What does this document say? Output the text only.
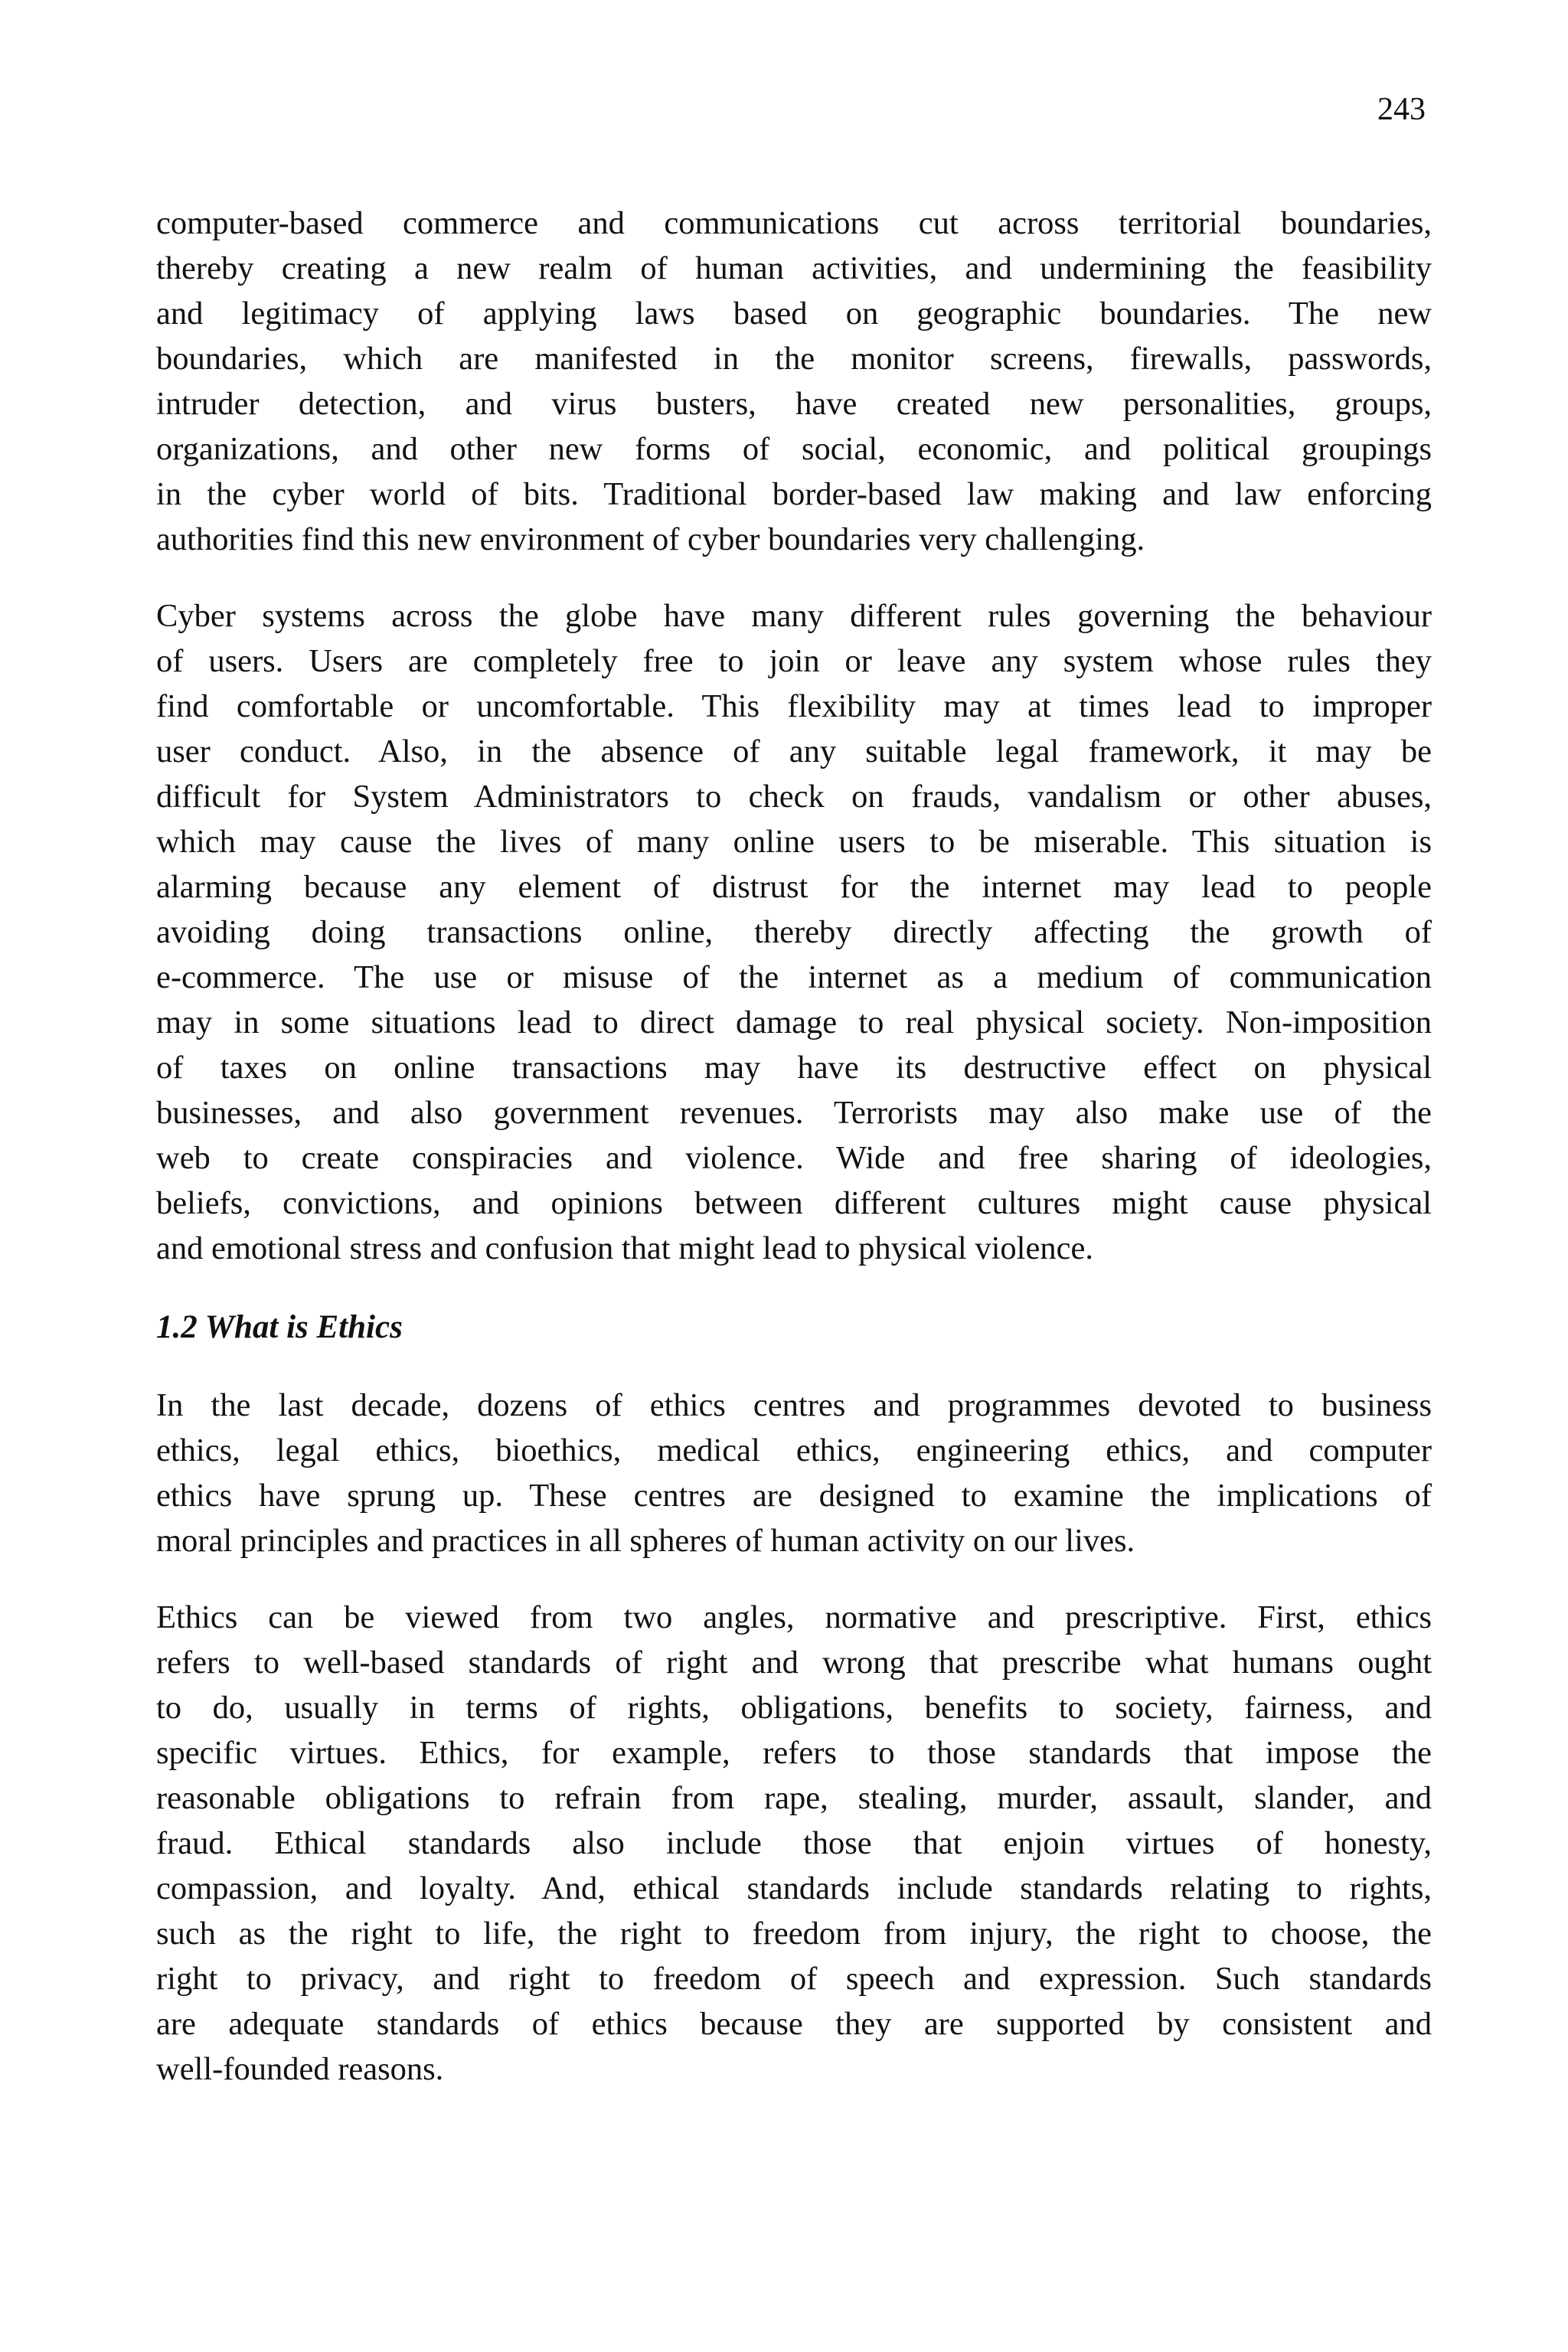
243
computer-based commerce and communications cut across territorial boundaries,
thereby creating a new realm of human activities, and undermining the feasibility
and legitimacy of applying laws based on geographic boundaries. The new
boundaries, which are manifested in the monitor screens, firewalls, passwords,
intruder detection, and virus busters, have created new personalities, groups,
organizations, and other new forms of social, economic, and political groupings
in the cyber world of bits. Traditional border-based law making and law enforcing
authorities find this new environment of cyber boundaries very challenging.
Cyber systems across the globe have many different rules governing the behaviour
of users. Users are completely free to join or leave any system whose rules they
find comfortable or uncomfortable. This flexibility may at times lead to improper
user conduct. Also, in the absence of any suitable legal framework, it may be
difficult for System Administrators to check on frauds, vandalism or other abuses,
which may cause the lives of many online users to be miserable. This situation is
alarming because any element of distrust for the internet may lead to people
avoiding doing transactions online, thereby directly affecting the growth of
e-commerce. The use or misuse of the internet as a medium of communication
may in some situations lead to direct damage to real physical society. Non-imposition
of taxes on online transactions may have its destructive effect on physical
businesses, and also government revenues. Terrorists may also make use of the
web to create conspiracies and violence. Wide and free sharing of ideologies,
beliefs, convictions, and opinions between different cultures might cause physical
and emotional stress and confusion that might lead to physical violence.
1.2 What is Ethics
In the last decade, dozens of ethics centres and programmes devoted to business
ethics, legal ethics, bioethics, medical ethics, engineering ethics, and computer
ethics have sprung up. These centres are designed to examine the implications of
moral principles and practices in all spheres of human activity on our lives.
Ethics can be viewed from two angles, normative and prescriptive. First, ethics
refers to well-based standards of right and wrong that prescribe what humans ought
to do, usually in terms of rights, obligations, benefits to society, fairness, and
specific virtues. Ethics, for example, refers to those standards that impose the
reasonable obligations to refrain from rape, stealing, murder, assault, slander, and
fraud. Ethical standards also include those that enjoin virtues of honesty,
compassion, and loyalty. And, ethical standards include standards relating to rights,
such as the right to life, the right to freedom from injury, the right to choose, the
right to privacy, and right to freedom of speech and expression. Such standards
are adequate standards of ethics because they are supported by consistent and
well-founded reasons.
